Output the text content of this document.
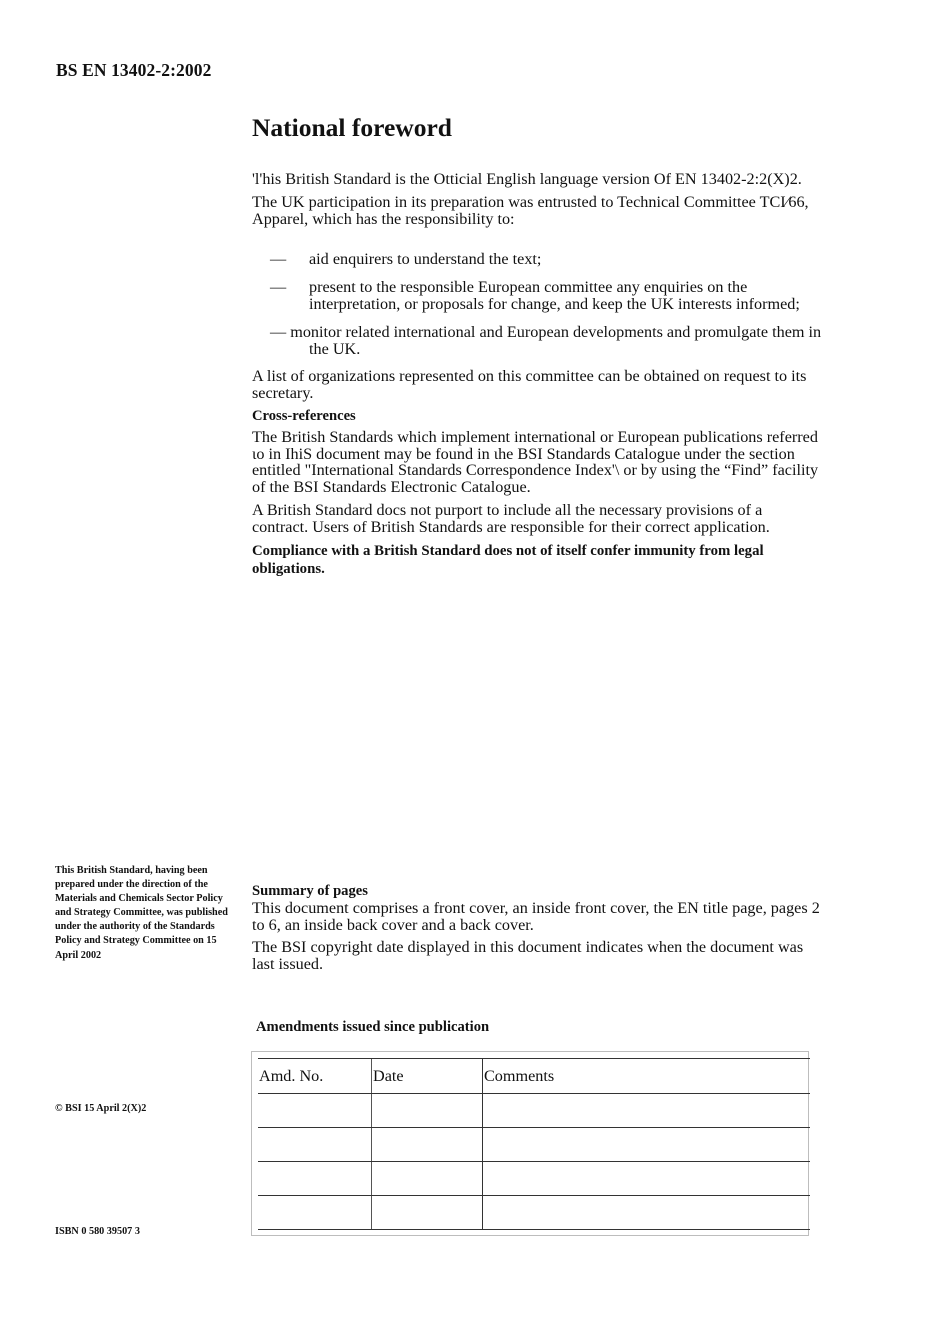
BS EN 13402-2:2002
National foreword

'l'his British Standard is the Otticial English language version Of EN 13402-2:2(X)2.

The UK participation in its preparation was entrusted to Technical Committee TCI⁄66, Apparel, which has the responsibility to:

— aid enquirers to understand the text;
— present to the responsible European committee any enquiries on the interpretation, or proposals for change, and keep the UK interests informed;
— monitor related international and European developments and promulgate them in the UK.

A list of organizations represented on this committee can be obtained on request to its secretary.

Cross-references

The British Standards which implement international or European publications referred ιo in IhiS document may be found in ιhe BSI Standards Catalogue under the section entitled "International Standards Correspondence Index'\ or by using the “Find” facility of the BSI Standards Electronic Catalogue.

A British Standard docs not purport to include all the necessary provisions of a contract. Users of British Standards are responsible for their correct application.

Compliance with a British Standard does not of itself confer immunity from legal obligations.

This British Standard, having been prepared under the direction of the Materials and Chemicals Sector Policy and Strategy Committee, was published under the authority of the Standards Policy and Strategy Committee on 15 April 2002

Summary of pages

This document comprises a front cover, an inside front cover, the EN title page, pages 2 to 6, an inside back cover and a back cover.

The BSI copyright date displayed in this document indicates when the document was last issued.

Amendments issued since publication
Amd. No.	Date	Comments

© BSI 15 April 2(X)2
ISBN 0 580 39507 3
